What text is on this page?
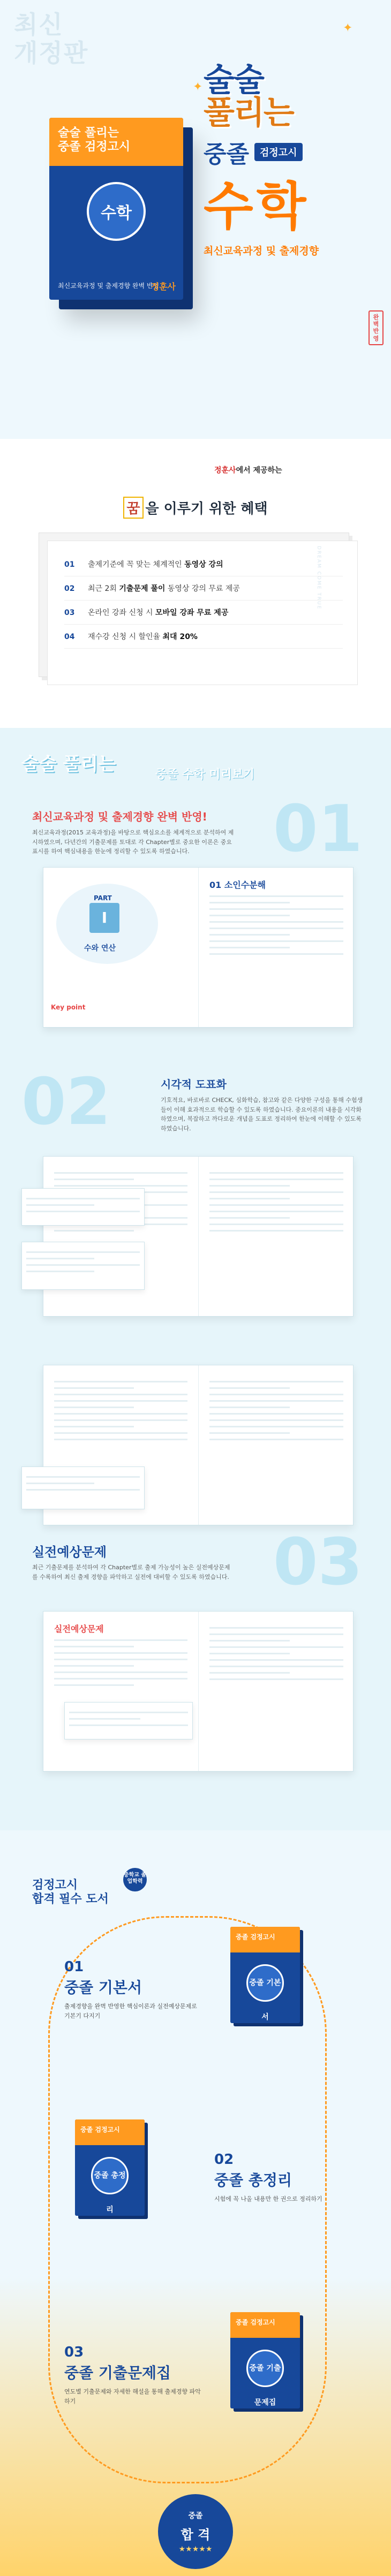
최신
개정판
✦
✦
술술 풀리는
중졸 검정고시
수학
최신교육과정 및 출제경향 완벽 반영
정훈사
술술
풀리는
중졸	검정고시
수학
최신교육과정 및 출제경향
완벽 반영
정훈사에서 제공하는
꿈 을 이루기 위한 혜택
DREAM COME TRUE
01 출제기준에 꼭 맞는 체계적인 동영상 강의
02 최근 2회 기출문제 풀이 동영상 강의 무료 제공
03 온라인 강좌 신청 시 모바일 강좌 무료 제공
04 재수강 신청 시 할인율 최대 20%
술술 풀리는	중졸 수학 미리보기
01
최신교육과정 및 출제경향 완벽 반영!

최신교육과정(2015 교육과정)을 바탕으로 핵심요소를 체계적으로 분석하여 제시하였으며, 다년간의 기출문제를 토대로 각 Chapter별로 중요한 이론은 중요표시를 하여 핵심내용을 한눈에 정리할 수 있도록 하였습니다.

PART
Ⅰ
수와 연산
Key point
01 소인수분해
02	시각적 도표화

기호적요, 바로바로 CHECK, 심화학습, 참고와 같은 다양한 구성을 통해 수험생들이 이해 효과적으로 학습할 수 있도록 하였습니다. 중요이론의 내용을 시각화하였으며, 복잡하고 까다로운 개념을 도표로 정리하여 한눈에 이해할 수 있도록 하였습니다.

03
실전예상문제
최근 기출문제를 분석하여 각 Chapter별로 출제 가능성이 높은 실전예상문제를 수록하여 최신 출제 경향을 파악하고 실전에 대비할 수 있도록 하였습니다.
실전예상문제
검정고시
합격 필수 도서
중학교 졸업학력
중졸 검정고시
중졸 기본서
01
중졸 기본서
출제경향을 완벽 반영한 핵심이론과 실전예상문제로 기본기 다지기
중졸 검정고시
중졸 총정리
02
중졸 총정리
시험에 꼭 나올 내용만 한 권으로 정리하기
중졸 검정고시
중졸 기출문제집
03
중졸 기출문제집
연도별 기출문제와 자세한 해설을 통해 출제경향 파악하기
중졸
합 격
★★★★★
